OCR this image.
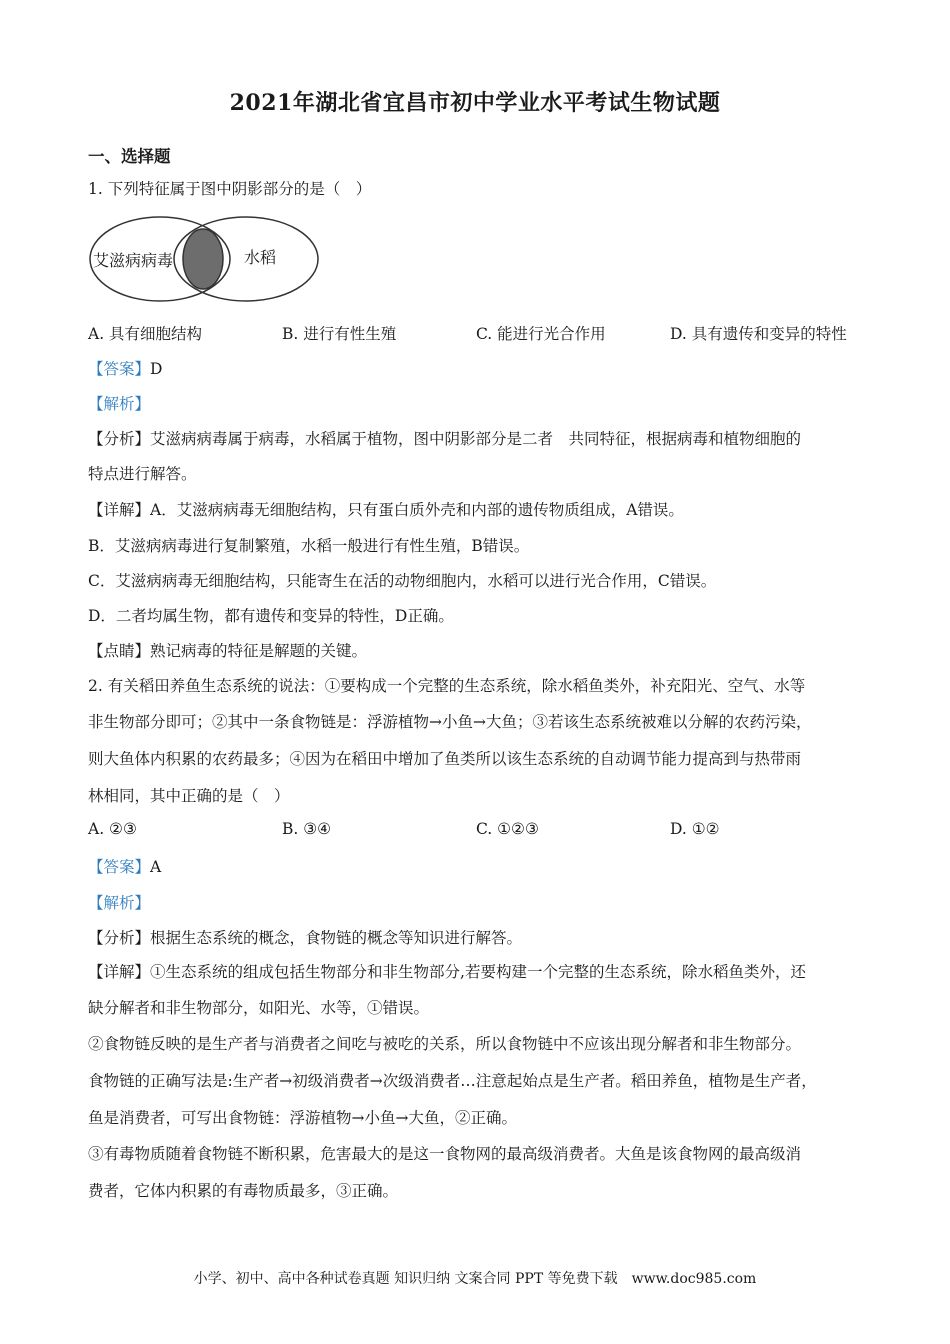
2021年湖北省宜昌市初中学业水平考试生物试题
一、选择题
1. 下列特征属于图中阴影部分的是（　）
艾滋病病毒	水稻
A. 具有细胞结构	B. 进行有性生殖	C. 能进行光合作用	D. 具有遗传和变异的特性
【答案】D
【解析】
【分析】艾滋病病毒属于病毒，水稻属于植物，图中阴影部分是二者　共同特征，根据病毒和植物细胞的
特点进行解答。
【详解】A．艾滋病病毒无细胞结构，只有蛋白质外壳和内部的遗传物质组成，A错误。
B．艾滋病病毒进行复制繁殖，水稻一般进行有性生殖，B错误。
C．艾滋病病毒无细胞结构，只能寄生在活的动物细胞内，水稻可以进行光合作用，C错误。
D．二者均属生物，都有遗传和变异的特性，D正确。
【点睛】熟记病毒的特征是解题的关键。
2. 有关稻田养鱼生态系统的说法：①要构成一个完整的生态系统，除水稻鱼类外，补充阳光、空气、水等
非生物部分即可；②其中一条食物链是：浮游植物→小鱼→大鱼；③若该生态系统被难以分解的农药污染，
则大鱼体内积累的农药最多；④因为在稻田中增加了鱼类所以该生态系统的自动调节能力提高到与热带雨
林相同，其中正确的是（　）
A. ②③	B. ③④	C. ①②③	D. ①②
【答案】A
【解析】
【分析】根据生态系统的概念，食物链的概念等知识进行解答。
【详解】①生态系统的组成包括生物部分和非生物部分,若要构建一个完整的生态系统，除水稻鱼类外，还
缺分解者和非生物部分，如阳光、水等，①错误。
②食物链反映的是生产者与消费者之间吃与被吃的关系，所以食物链中不应该出现分解者和非生物部分。
食物链的正确写法是:生产者→初级消费者→次级消费者…注意起始点是生产者。稻田养鱼，植物是生产者，
鱼是消费者，可写出食物链：浮游植物→小鱼→大鱼，②正确。
③有毒物质随着食物链不断积累，危害最大的是这一食物网的最高级消费者。大鱼是该食物网的最高级消
费者，它体内积累的有毒物质最多，③正确。
小学、初中、高中各种试卷真题 知识归纳 文案合同 PPT 等免费下载　www.doc985.com
